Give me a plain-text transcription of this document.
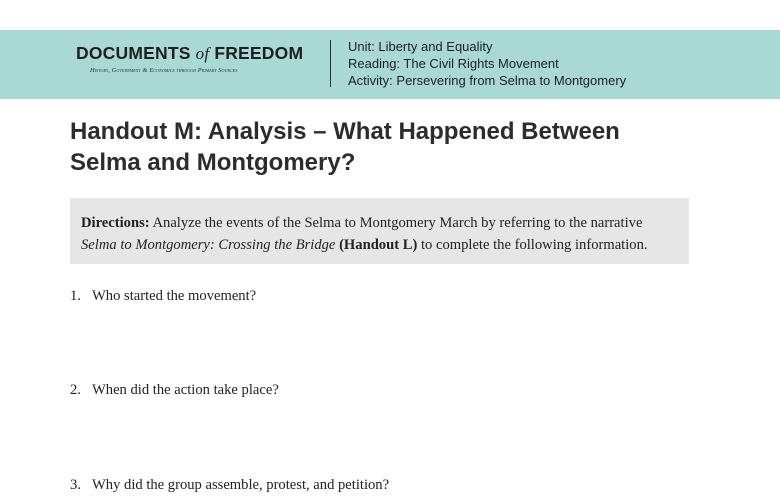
DOCUMENTS of FREEDOM
History, Government & Economics through Primary Sources
Unit: Liberty and Equality
Reading: The Civil Rights Movement
Activity: Persevering from Selma to Montgomery
Handout M: Analysis – What Happened Between Selma and Montgomery?
Directions: Analyze the events of the Selma to Montgomery March by referring to the narrative Selma to Montgomery: Crossing the Bridge (Handout L) to complete the following information.
1. Who started the movement?
2. When did the action take place?
3. Why did the group assemble, protest, and petition?
